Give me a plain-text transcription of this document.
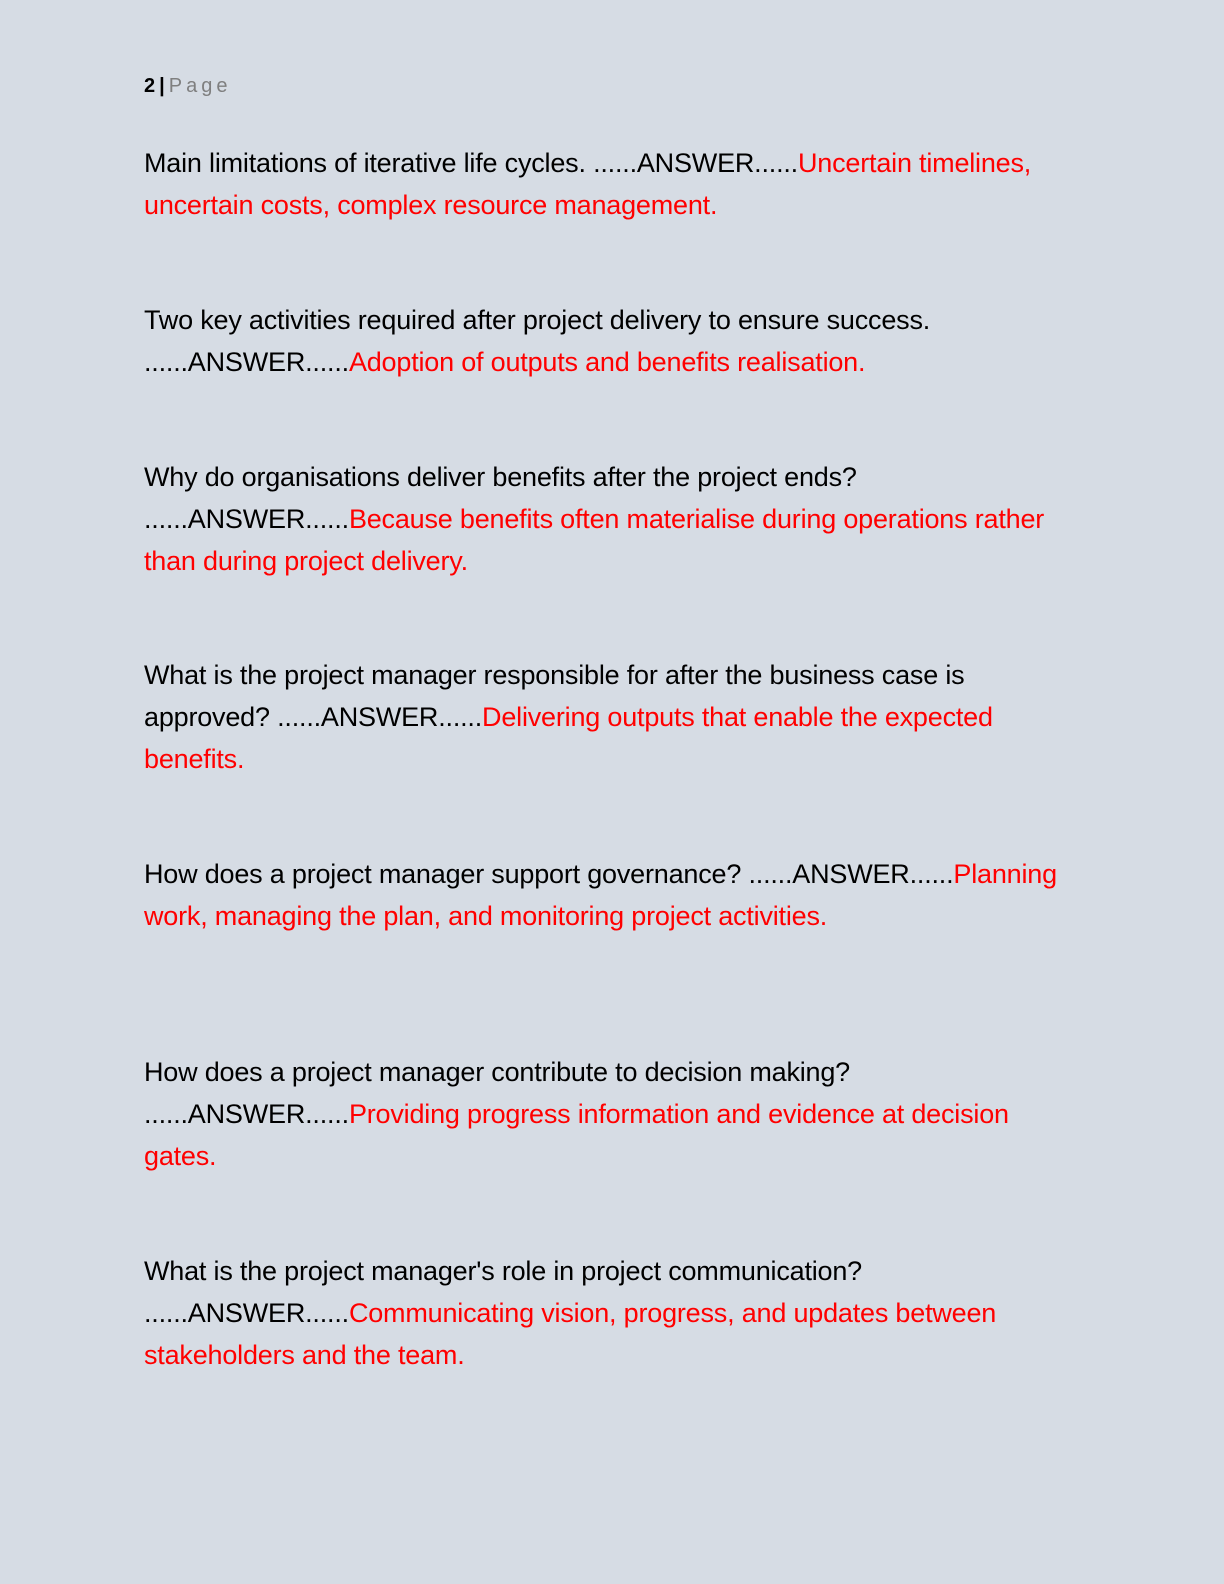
2 | Page
Main limitations of iterative life cycles. ......ANSWER......Uncertain timelines, uncertain costs, complex resource management.
Two key activities required after project delivery to ensure success. ......ANSWER......Adoption of outputs and benefits realisation.
Why do organisations deliver benefits after the project ends? ......ANSWER......Because benefits often materialise during operations rather than during project delivery.
What is the project manager responsible for after the business case is approved? ......ANSWER......Delivering outputs that enable the expected benefits.
How does a project manager support governance? ......ANSWER......Planning work, managing the plan, and monitoring project activities.
How does a project manager contribute to decision making? ......ANSWER......Providing progress information and evidence at decision gates.
What is the project manager's role in project communication? ......ANSWER......Communicating vision, progress, and updates between stakeholders and the team.
